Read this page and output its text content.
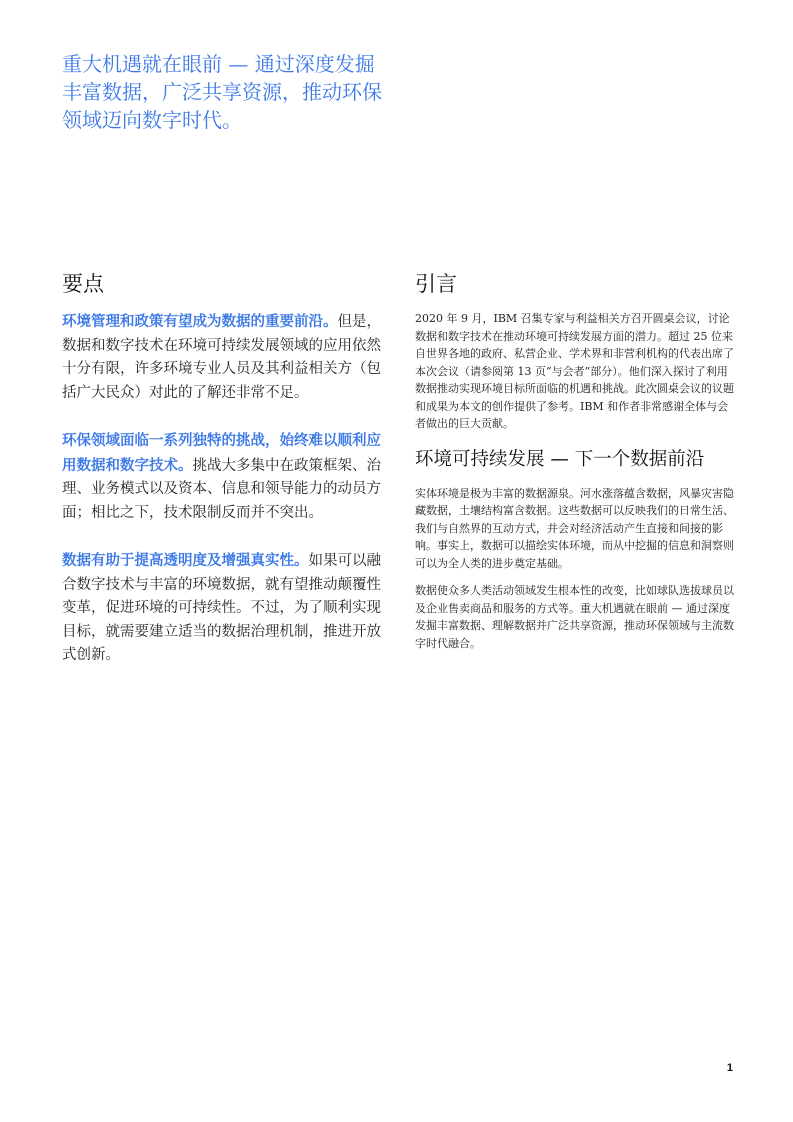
重大机遇就在眼前 — 通过深度发掘丰富数据，广泛共享资源，推动环保领域迈向数字时代。
要点

环境管理和政策有望成为数据的重要前沿。但是，数据和数字技术在环境可持续发展领域的应用依然十分有限，许多环境专业人员及其利益相关方（包括广大民众）对此的了解还非常不足。

环保领域面临一系列独特的挑战，始终难以顺利应用数据和数字技术。挑战大多集中在政策框架、治理、业务模式以及资本、信息和领导能力的动员方面；相比之下，技术限制反而并不突出。

数据有助于提高透明度及增强真实性。如果可以融合数字技术与丰富的环境数据，就有望推动颠覆性变革，促进环境的可持续性。不过，为了顺利实现目标，就需要建立适当的数据治理机制，推进开放式创新。

引言

2020 年 9 月，IBM 召集专家与利益相关方召开圆桌会议，讨论数据和数字技术在推动环境可持续发展方面的潜力。超过 25 位来自世界各地的政府、私营企业、学术界和非营利机构的代表出席了本次会议（请参阅第 13 页“与会者”部分）。他们深入探讨了利用数据推动实现环境目标所面临的机遇和挑战。此次圆桌会议的议题和成果为本文的创作提供了参考。IBM 和作者非常感谢全体与会者做出的巨大贡献。

环境可持续发展 — 下一个数据前沿

实体环境是极为丰富的数据源泉。河水涨落蕴含数据，风暴灾害隐藏数据，土壤结构富含数据。这些数据可以反映我们的日常生活、我们与自然界的互动方式，并会对经济活动产生直接和间接的影响。事实上，数据可以描绘实体环境，而从中挖掘的信息和洞察则可以为全人类的进步奠定基础。

数据使众多人类活动领域发生根本性的改变，比如球队选拔球员以及企业售卖商品和服务的方式等。重大机遇就在眼前 — 通过深度发掘丰富数据、理解数据并广泛共享资源，推动环保领域与主流数字时代融合。

1
